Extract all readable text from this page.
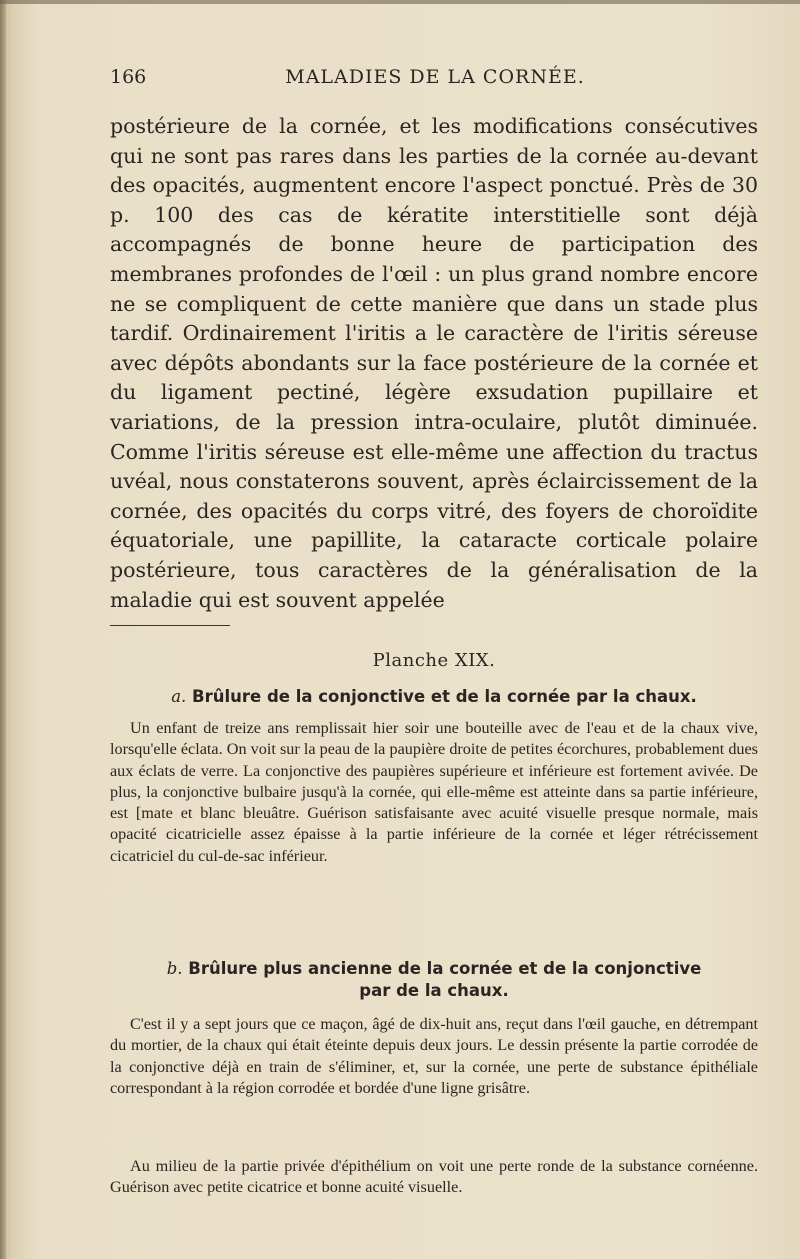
166	MALADIES DE LA CORNÉE.

postérieure de la cornée, et les modifications consécutives qui ne sont pas rares dans les parties de la cornée au-devant des opacités, augmentent encore l'aspect ponctué. Près de 30 p. 100 des cas de kératite interstitielle sont déjà accompagnés de bonne heure de participation des membranes profondes de l'œil : un plus grand nombre encore ne se compliquent de cette manière que dans un stade plus tardif. Ordinairement l'iritis a le caractère de l'iritis séreuse avec dépôts abondants sur la face postérieure de la cornée et du ligament pectiné, légère exsudation pupillaire et variations, de la pression intra-oculaire, plutôt diminuée. Comme l'iritis séreuse est elle-même une affection du tractus uvéal, nous constaterons souvent, après éclaircissement de la cornée, des opacités du corps vitré, des foyers de choroïdite équatoriale, une papillite, la cataracte corticale polaire postérieure, tous caractères de la généralisation de la maladie qui est souvent appelée

Planche XIX.
a. Brûlure de la conjonctive et de la cornée par la chaux.

Un enfant de treize ans remplissait hier soir une bouteille avec de l'eau et de la chaux vive, lorsqu'elle éclata. On voit sur la peau de la paupière droite de petites écorchures, probablement dues aux éclats de verre. La conjonctive des paupières supérieure et inférieure est fortement avivée. De plus, la conjonctive bulbaire jusqu'à la cornée, qui elle-même est atteinte dans sa partie inférieure, est [mate et blanc bleuâtre. Guérison satisfaisante avec acuité visuelle presque normale, mais opacité cicatricielle assez épaisse à la partie inférieure de la cornée et léger rétrécissement cicatriciel du cul-de-sac inférieur.

b. Brûlure plus ancienne de la cornée et de la conjonctive
par de la chaux.

C'est il y a sept jours que ce maçon, âgé de dix-huit ans, reçut dans l'œil gauche, en détrempant du mortier, de la chaux qui était éteinte depuis deux jours. Le dessin présente la partie corrodée de la conjonctive déjà en train de s'éliminer, et, sur la cornée, une perte de substance épithéliale correspondant à la région corrodée et bordée d'une ligne grisâtre.

Au milieu de la partie privée d'épithélium on voit une perte ronde de la substance cornéenne. Guérison avec petite cicatrice et bonne acuité visuelle.
